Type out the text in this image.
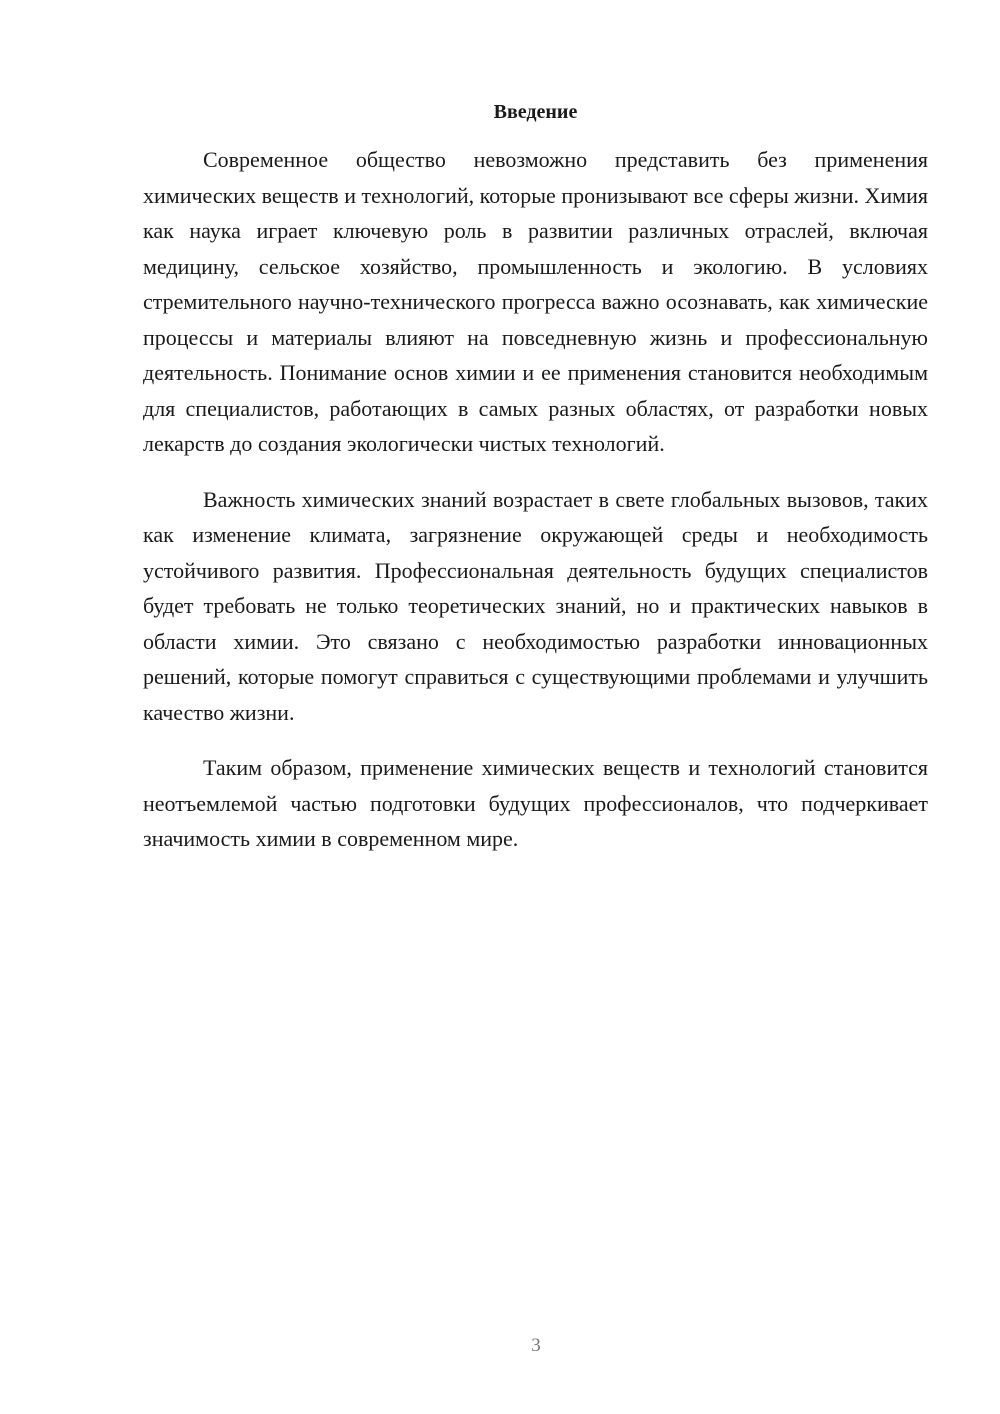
Введение

Современное общество невозможно представить без применения химических веществ и технологий, которые пронизывают все сферы жизни. Химия как наука играет ключевую роль в развитии различных отраслей, включая медицину, сельское хозяйство, промышленность и экологию. В условиях стремительного научно-технического прогресса важно осознавать, как химические процессы и материалы влияют на повседневную жизнь и профессиональную деятельность. Понимание основ химии и ее применения становится необходимым для специалистов, работающих в самых разных областях, от разработки новых лекарств до создания экологически чистых технологий.

Важность химических знаний возрастает в свете глобальных вызовов, таких как изменение климата, загрязнение окружающей среды и необходимость устойчивого развития. Профессиональная деятельность будущих специалистов будет требовать не только теоретических знаний, но и практических навыков в области химии. Это связано с необходимостью разработки инновационных решений, которые помогут справиться с существующими проблемами и улучшить качество жизни.

Таким образом, применение химических веществ и технологий становится неотъемлемой частью подготовки будущих профессионалов, что подчеркивает значимость химии в современном мире.

3
